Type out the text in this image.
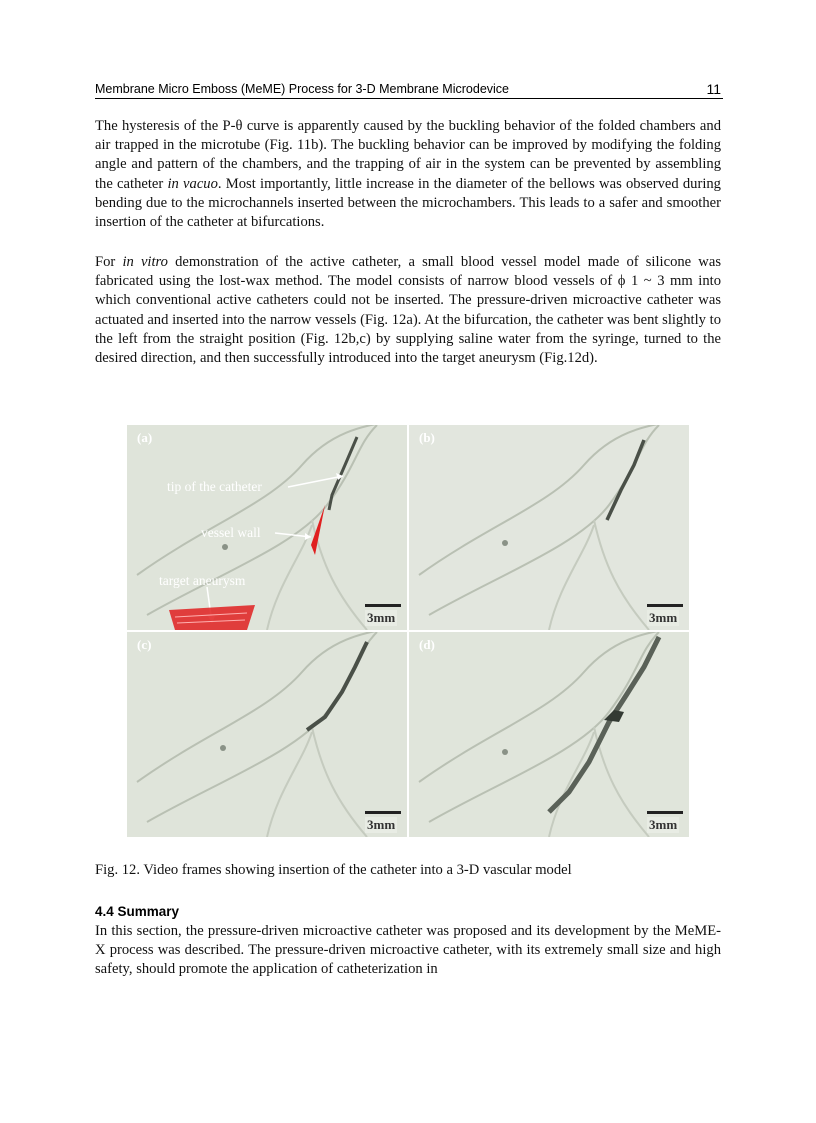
Membrane Micro Emboss (MeME) Process for 3-D Membrane Microdevice	11

The hysteresis of the P-θ curve is apparently caused by the buckling behavior of the folded chambers and air trapped in the microtube (Fig. 11b). The buckling behavior can be improved by modifying the folding angle and pattern of the chambers, and the trapping of air in the system can be prevented by assembling the catheter in vacuo. Most importantly, little increase in the diameter of the bellows was observed during bending due to the microchannels inserted between the microchambers. This leads to a safer and smoother insertion of the catheter at bifurcations.

For in vitro demonstration of the active catheter, a small blood vessel model made of silicone was fabricated using the lost-wax method. The model consists of narrow blood vessels of ϕ 1 ~ 3 mm into which conventional active catheters could not be inserted. The pressure-driven microactive catheter was actuated and inserted into the narrow vessels (Fig. 12a). At the bifurcation, the catheter was bent slightly to the left from the straight position (Fig. 12b,c) by supplying saline water from the syringe, turned to the desired direction, and then successfully introduced into the target aneurysm (Fig.12d).

(a)
tip of the catheter
vessel wall
target aneurysm
3mm
(b)
3mm
(c)
3mm
(d)
3mm
Fig. 12. Video frames showing insertion of the catheter into a 3-D vascular model
4.4 Summary

In this section, the pressure-driven microactive catheter was proposed and its development by the MeME-X process was described. The pressure-driven microactive catheter, with its extremely small size and high safety, should promote the application of catheterization in
